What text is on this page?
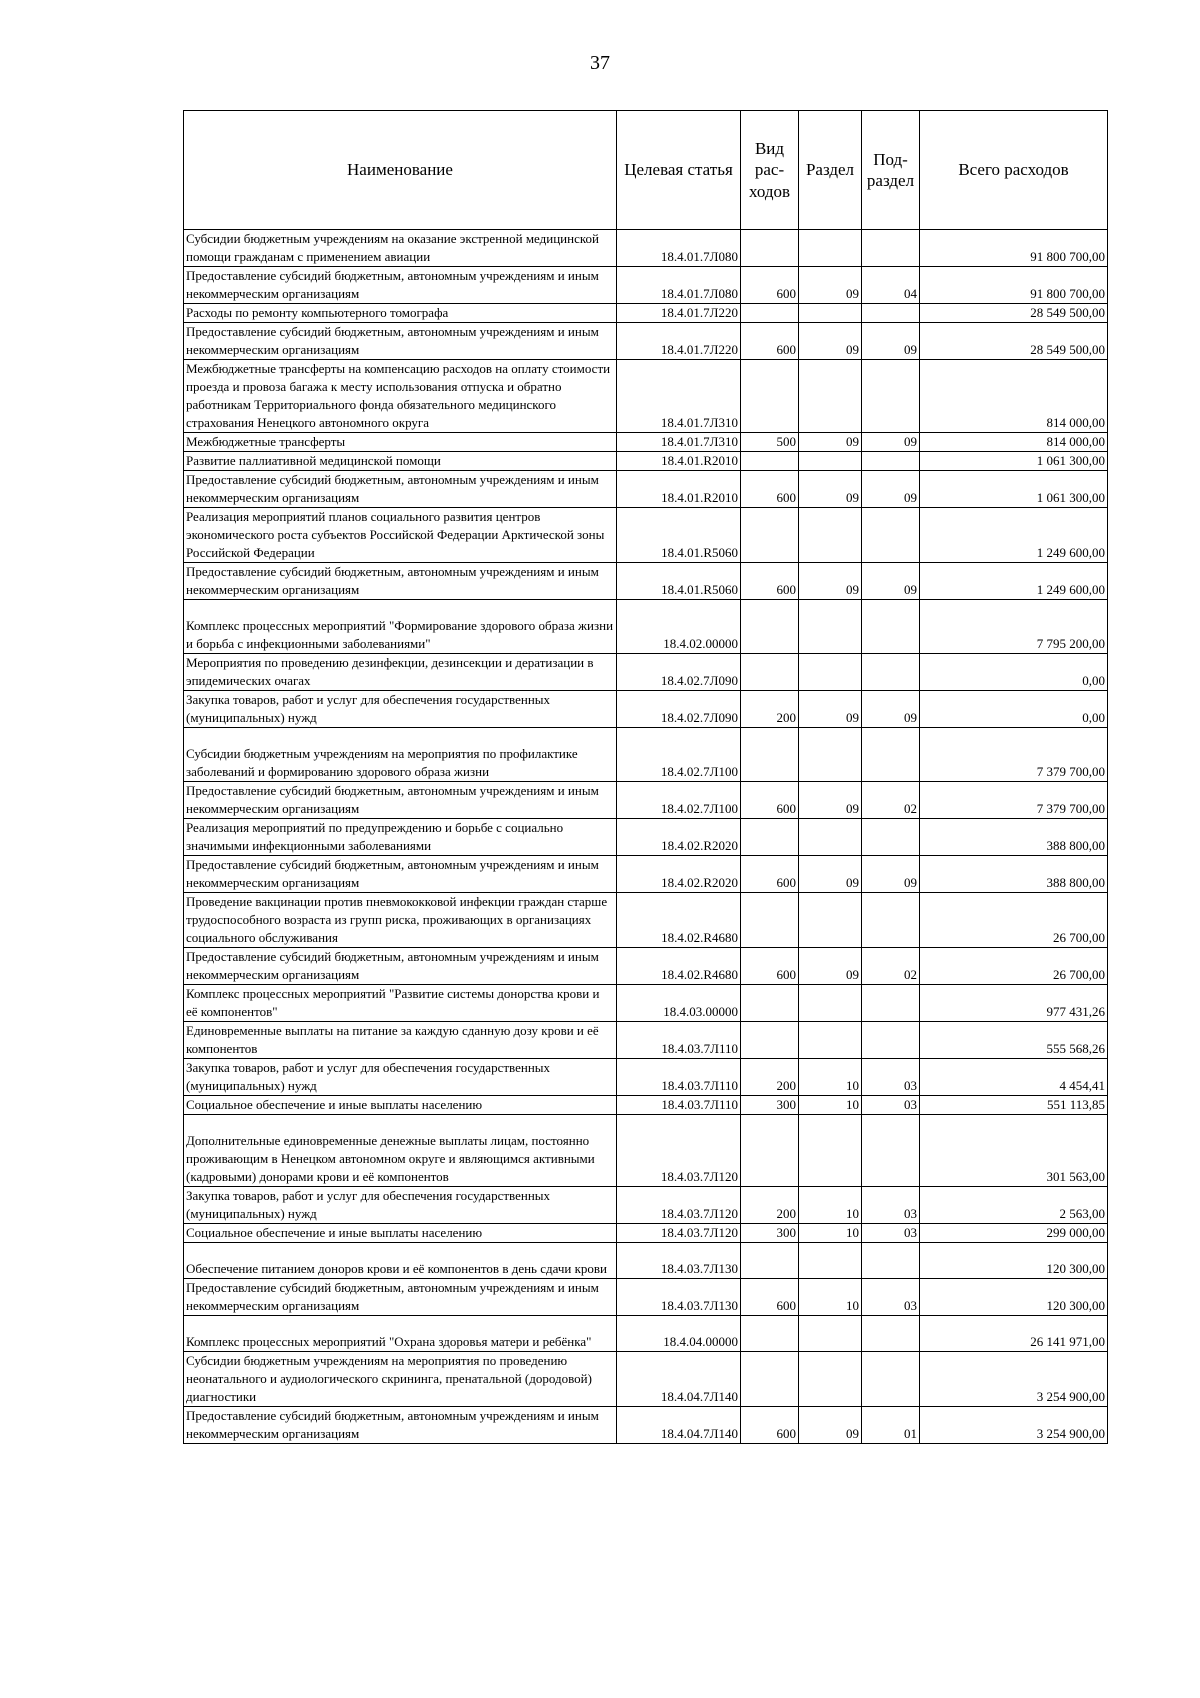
37
Наименование	Целевая статья	Вид рас-ходов	Раздел	Под-раздел	Всего расходов
Субсидии бюджетным учреждениям на оказание экстренной медицинской помощи гражданам с применением авиации	18.4.01.7Л080				91 800 700,00
Предоставление субсидий бюджетным, автономным учреждениям и иным некоммерческим организациям	18.4.01.7Л080	600	09	04	91 800 700,00
Расходы по ремонту компьютерного томографа	18.4.01.7Л220				28 549 500,00
Предоставление субсидий бюджетным, автономным учреждениям и иным некоммерческим организациям	18.4.01.7Л220	600	09	09	28 549 500,00
Межбюджетные трансферты на компенсацию расходов на оплату стоимости проезда и провоза багажа к месту использования отпуска и обратно работникам Территориального фонда обязательного медицинского страхования Ненецкого автономного округа	18.4.01.7Л310				814 000,00
Межбюджетные трансферты	18.4.01.7Л310	500	09	09	814 000,00
Развитие паллиативной медицинской помощи	18.4.01.R2010				1 061 300,00
Предоставление субсидий бюджетным, автономным учреждениям и иным некоммерческим организациям	18.4.01.R2010	600	09	09	1 061 300,00
Реализация мероприятий планов социального развития центров экономического роста субъектов Российской Федерации Арктической зоны Российской Федерации	18.4.01.R5060				1 249 600,00
Предоставление субсидий бюджетным, автономным учреждениям и иным некоммерческим организациям	18.4.01.R5060	600	09	09	1 249 600,00
Комплекс процессных мероприятий "Формирование здорового образа жизни и борьба с инфекционными заболеваниями"	18.4.02.00000				7 795 200,00
Мероприятия по проведению дезинфекции, дезинсекции и дератизации в эпидемических очагах	18.4.02.7Л090				0,00
Закупка товаров, работ и услуг для обеспечения государственных (муниципальных) нужд	18.4.02.7Л090	200	09	09	0,00
Субсидии бюджетным учреждениям на мероприятия по профилактике заболеваний и формированию здорового образа жизни	18.4.02.7Л100				7 379 700,00
Предоставление субсидий бюджетным, автономным учреждениям и иным некоммерческим организациям	18.4.02.7Л100	600	09	02	7 379 700,00
Реализация мероприятий по предупреждению и борьбе с социально значимыми инфекционными заболеваниями	18.4.02.R2020				388 800,00
Предоставление субсидий бюджетным, автономным учреждениям и иным некоммерческим организациям	18.4.02.R2020	600	09	09	388 800,00
Проведение вакцинации против пневмококковой инфекции граждан старше трудоспособного возраста из групп риска, проживающих в организациях социального обслуживания	18.4.02.R4680				26 700,00
Предоставление субсидий бюджетным, автономным учреждениям и иным некоммерческим организациям	18.4.02.R4680	600	09	02	26 700,00
Комплекс процессных мероприятий "Развитие системы донорства крови и её компонентов"	18.4.03.00000				977 431,26
Единовременные выплаты на питание за каждую сданную дозу крови и её компонентов	18.4.03.7Л110				555 568,26
Закупка товаров, работ и услуг для обеспечения государственных (муниципальных) нужд	18.4.03.7Л110	200	10	03	4 454,41
Социальное обеспечение и иные выплаты населению	18.4.03.7Л110	300	10	03	551 113,85
Дополнительные единовременные денежные выплаты лицам, постоянно проживающим в Ненецком автономном округе и являющимся активными (кадровыми) донорами крови и её компонентов	18.4.03.7Л120				301 563,00
Закупка товаров, работ и услуг для обеспечения государственных (муниципальных) нужд	18.4.03.7Л120	200	10	03	2 563,00
Социальное обеспечение и иные выплаты населению	18.4.03.7Л120	300	10	03	299 000,00
Обеспечение питанием доноров крови и её компонентов в день сдачи крови	18.4.03.7Л130				120 300,00
Предоставление субсидий бюджетным, автономным учреждениям и иным некоммерческим организациям	18.4.03.7Л130	600	10	03	120 300,00
Комплекс процессных мероприятий "Охрана здоровья матери и ребёнка"	18.4.04.00000				26 141 971,00
Субсидии бюджетным учреждениям на мероприятия по проведению неонатального и аудиологического скрининга, пренатальной (дородовой) диагностики	18.4.04.7Л140				3 254 900,00
Предоставление субсидий бюджетным, автономным учреждениям и иным некоммерческим организациям	18.4.04.7Л140	600	09	01	3 254 900,00
